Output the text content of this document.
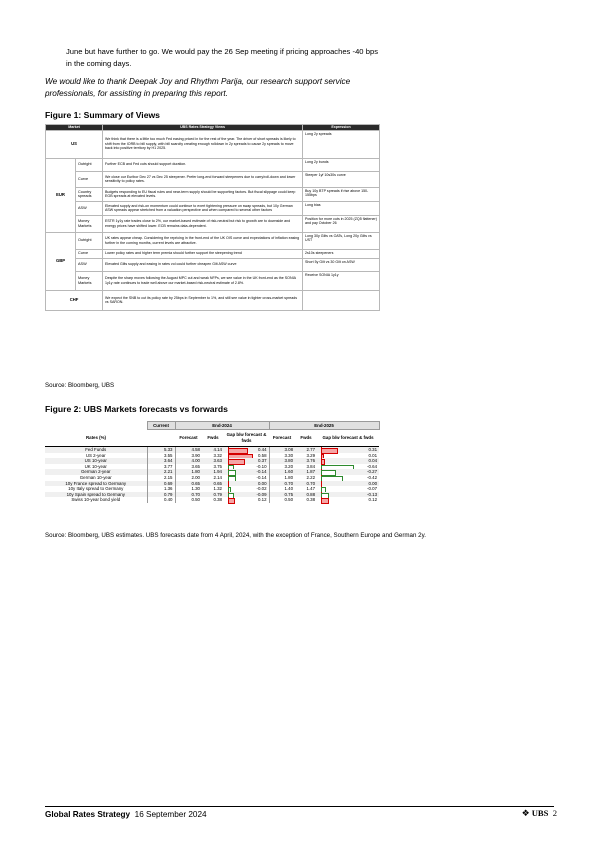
June but have further to go. We would pay the 26 Sep meeting if pricing approaches -40 bps in the coming days.
We would like to thank Deepak Joy and Rhythm Parija, our research support service professionals, for assisting in preparing this report.
Figure 1: Summary of Views
Market		UBS Rates Strategy Views	Expression
US		We think that there is a little too much Fed easing priced in for the rest of the year. The driver of short spreads is likely to shift from the IORB to bill supply, with bill scarcity creating enough rolldown in 2y spreads to cause 2y spreads to move back into positive territory by H1 2025.	Long 2y spreads
EUR	Outright	Further ECB and Fed cuts should support duration.	Long 2y bunds
	Curve	We close our Euribor Dec 27 vs Dec 25 steepener. Prefer long-end forward steepeners due to carry/roll-down and lower sensitivity to policy rates.	Steeper 1yf 10s30s curve
	Country spreads	Budgets responding to EU fiscal rules and near-term supply should be supporting factors. But fiscal slippage could keep EGB spreads at elevated levels.	Buy 10y BTP spreads if rise above 150-155bps
	ASW	Elevated supply and risk-on momentum could continue to exert tightening pressure on swap spreads, but 10y German ASW spreads appear stretched from a valuation perspective and when compared to several other factors	Long bias
	Money Markets	ESTR 1y1y rate trades close to 2%, our market-based estimate of risk-neutral but risk to growth are to downside and energy prices have shifted lower. ECB remains data-dependent.	Position for more cuts in 2025 (ZQ5 flattener) and pay October 26
GBP	Outright	UK rates appear cheap. Considering the repricing in the front-end of the UK OIS curve and expectations of inflation easing further in the coming months, current levels are attractive.	Long 30y Gilts vs OATs, Long 20y Gilts vs UST
	Curve	Lower policy rates and higher term premia should further support the steepening trend	2s10s steepeners
	ASW	Elevated Gilts supply and easing in rates vol could further cheapen Gilt ASW curve	Short 5y Gilt vs 30 Gilt on ASW
	Money Markets	Despite the sharp moves following the August MPC cut and weak NFPs, we see value in the UK front-end as the SONIA 1y1y rate continues to trade well above our market-based risk-neutral estimate of 2.8%.	Receive SONIA 1y1y
CHF		We expect the SNB to cut its policy rate by 25bps in September to 1%, and still see value in tighter cross-market spreads vs SARON.	
Source: Bloomberg, UBS
Figure 2: UBS Markets forecasts vs forwards
	Current	End-2024			End-2025		
Rates (%)		Forecast	Fwds	Gap b/w forecast & fwds	Forecast	Fwds	Gap b/w forecast & fwds
Fed Funds	5.33	4.58	4.14	0.44	3.08	2.77	0.31
US 2-year	3.55	3.90	3.32	0.58	3.30	3.29	0.01
US 10-year	3.64	4.00	3.63	0.37	3.80	3.76	0.04
UK 10-year	3.77	3.65	3.75	-0.10	3.20	3.84	-0.64
German 2-year	2.21	1.80	1.94	-0.14	1.60	1.87	-0.27
German 10-year	2.15	2.00	2.14	-0.14	1.80	2.22	-0.42
10y France spread to Germany	0.69	0.65	0.65	0.00	0.70	0.70	0.00
10y Italy spread to Germany	1.36	1.30	1.32	-0.02	1.40	1.47	-0.07
10y Spain spread to Germany	0.79	0.70	0.79	-0.09	0.75	0.88	-0.13
Swiss 10-year bond yield	0.40	0.50	0.38	0.12	0.50	0.38	0.12
Source: Bloomberg, UBS estimates. UBS forecasts date from 4 April, 2024, with the exception of France, Southern Europe and German 2y.
Global Rates Strategy 16 September 2024	❖ UBS 2
